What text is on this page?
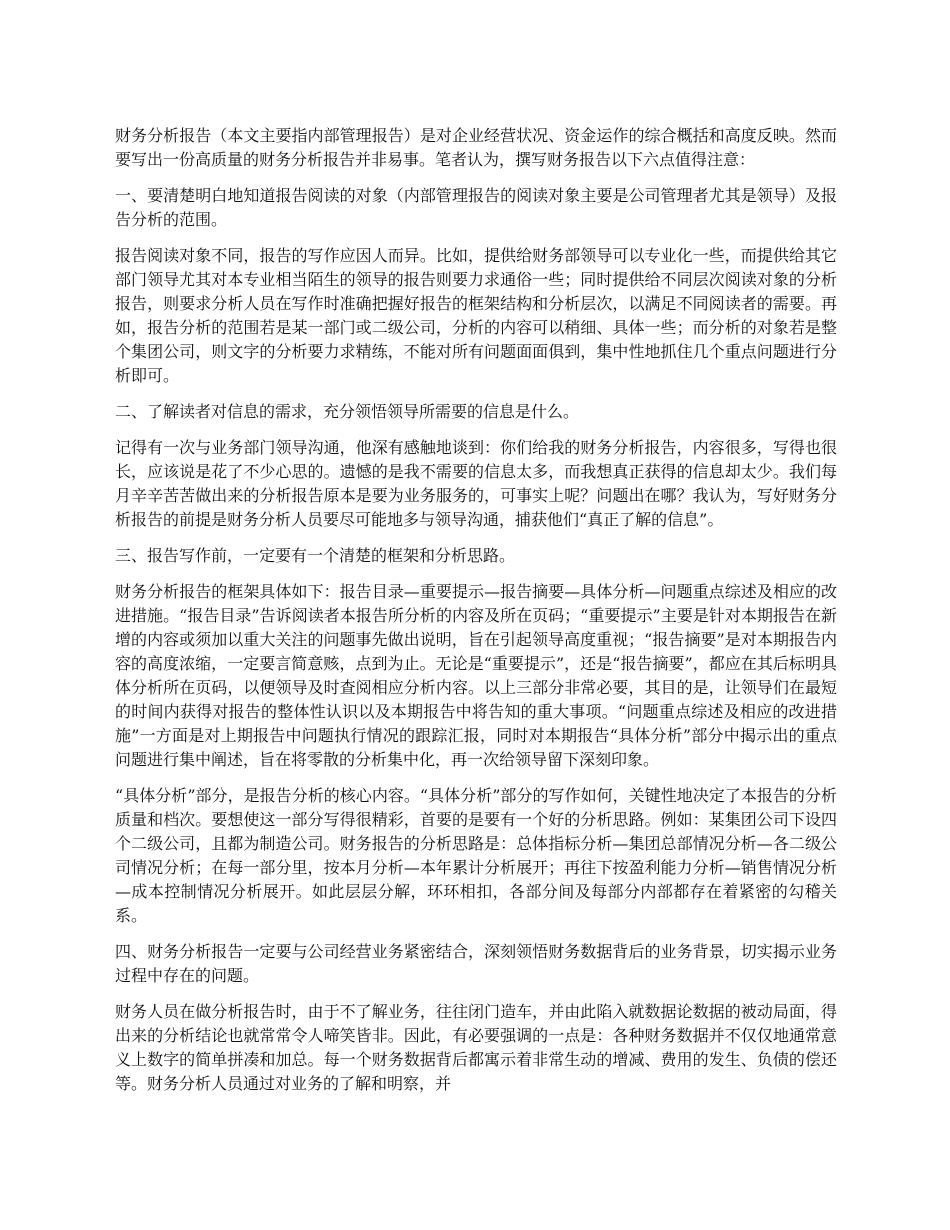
财务分析报告（本文主要指内部管理报告）是对企业经营状况、资金运作的综合概括和高度反映。然而要写出一份高质量的财务分析报告并非易事。笔者认为，撰写财务报告以下六点值得注意：

一、要清楚明白地知道报告阅读的对象（内部管理报告的阅读对象主要是公司管理者尤其是领导）及报告分析的范围。

报告阅读对象不同，报告的写作应因人而异。比如，提供给财务部领导可以专业化一些，而提供给其它部门领导尤其对本专业相当陌生的领导的报告则要力求通俗一些；同时提供给不同层次阅读对象的分析报告，则要求分析人员在写作时准确把握好报告的框架结构和分析层次，以满足不同阅读者的需要。再如，报告分析的范围若是某一部门或二级公司，分析的内容可以稍细、具体一些；而分析的对象若是整个集团公司，则文字的分析要力求精练，不能对所有问题面面俱到，集中性地抓住几个重点问题进行分析即可。

二、了解读者对信息的需求，充分领悟领导所需要的信息是什么。

记得有一次与业务部门领导沟通，他深有感触地谈到：你们给我的财务分析报告，内容很多，写得也很长，应该说是花了不少心思的。遗憾的是我不需要的信息太多，而我想真正获得的信息却太少。我们每月辛辛苦苦做出来的分析报告原本是要为业务服务的，可事实上呢？问题出在哪？我认为，写好财务分析报告的前提是财务分析人员要尽可能地多与领导沟通，捕获他们“真正了解的信息”。

三、报告写作前，一定要有一个清楚的框架和分析思路。

财务分析报告的框架具体如下：报告目录—重要提示—报告摘要—具体分析—问题重点综述及相应的改进措施。“报告目录”告诉阅读者本报告所分析的内容及所在页码；“重要提示”主要是针对本期报告在新增的内容或须加以重大关注的问题事先做出说明，旨在引起领导高度重视；“报告摘要”是对本期报告内容的高度浓缩，一定要言简意赅，点到为止。无论是“重要提示”，还是“报告摘要”，都应在其后标明具体分析所在页码，以便领导及时查阅相应分析内容。以上三部分非常必要，其目的是，让领导们在最短的时间内获得对报告的整体性认识以及本期报告中将告知的重大事项。“问题重点综述及相应的改进措施”一方面是对上期报告中问题执行情况的跟踪汇报，同时对本期报告“具体分析”部分中揭示出的重点问题进行集中阐述，旨在将零散的分析集中化，再一次给领导留下深刻印象。

“具体分析”部分，是报告分析的核心内容。“具体分析”部分的写作如何，关键性地决定了本报告的分析质量和档次。要想使这一部分写得很精彩，首要的是要有一个好的分析思路。例如：某集团公司下设四个二级公司，且都为制造公司。财务报告的分析思路是：总体指标分析—集团总部情况分析—各二级公司情况分析；在每一部分里，按本月分析—本年累计分析展开；再往下按盈利能力分析—销售情况分析—成本控制情况分析展开。如此层层分解，环环相扣，各部分间及每部分内部都存在着紧密的勾稽关系。

四、财务分析报告一定要与公司经营业务紧密结合，深刻领悟财务数据背后的业务背景，切实揭示业务过程中存在的问题。

财务人员在做分析报告时，由于不了解业务，往往闭门造车，并由此陷入就数据论数据的被动局面，得出来的分析结论也就常常令人啼笑皆非。因此，有必要强调的一点是：各种财务数据并不仅仅地通常意义上数字的简单拼凑和加总。每一个财务数据背后都寓示着非常生动的增减、费用的发生、负债的偿还等。财务分析人员通过对业务的了解和明察，并
